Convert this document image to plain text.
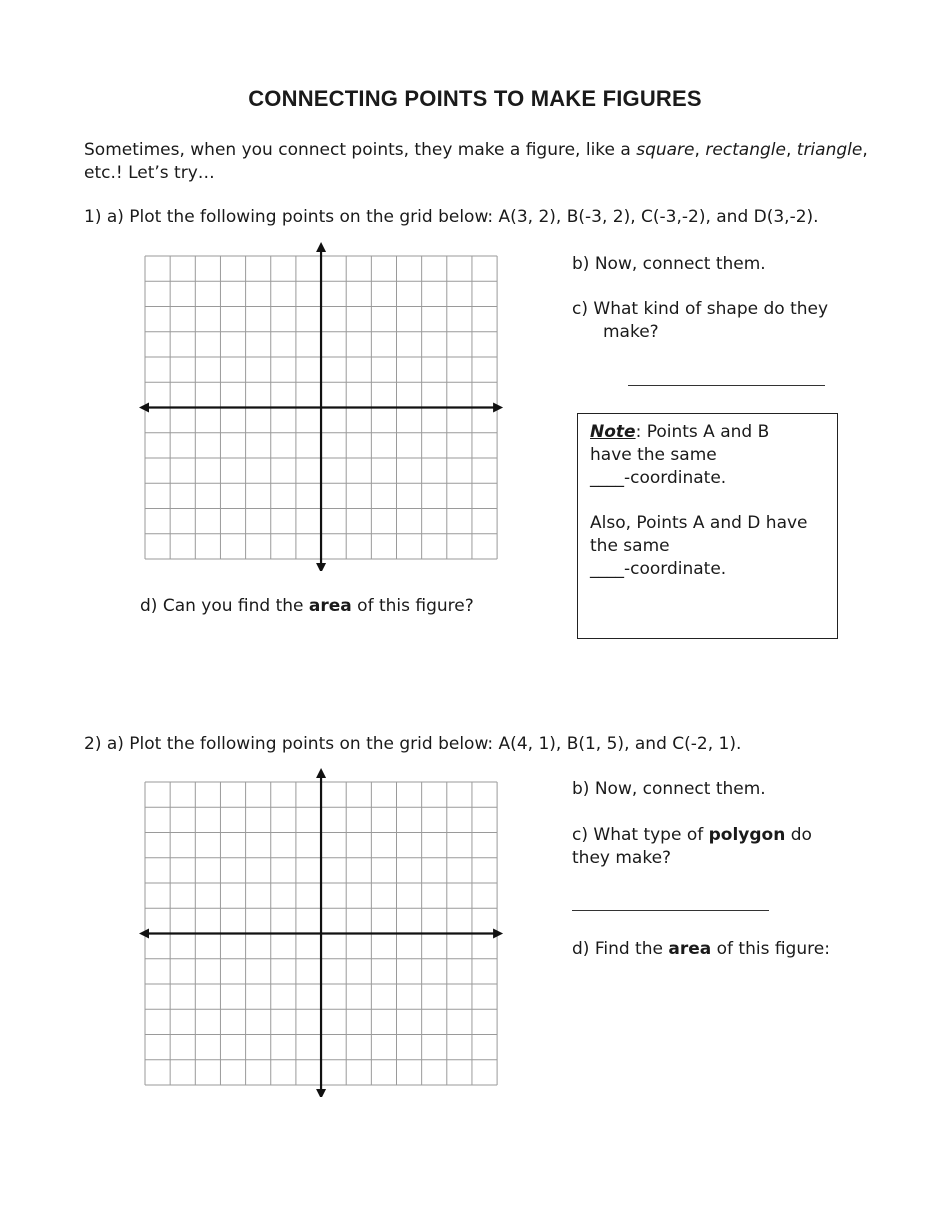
CONNECTING POINTS TO MAKE FIGURES
Sometimes, when you connect points, they make a figure, like a square, rectangle, triangle, etc.! Let’s try…
1) a) Plot the following points on the grid below: A(3, 2), B(-3, 2), C(-3,-2), and D(3,-2).
b) Now, connect them.
c) What kind of shape do they
make?

Note: Points A and B

have the same

____-coordinate.

Also, Points A and D have

the same

____-coordinate.

d) Can you find the area of this figure?
2) a) Plot the following points on the grid below: A(4, 1), B(1, 5), and C(-2, 1).
b) Now, connect them.
c) What type of polygon do
they make?
d) Find the area of this figure:
